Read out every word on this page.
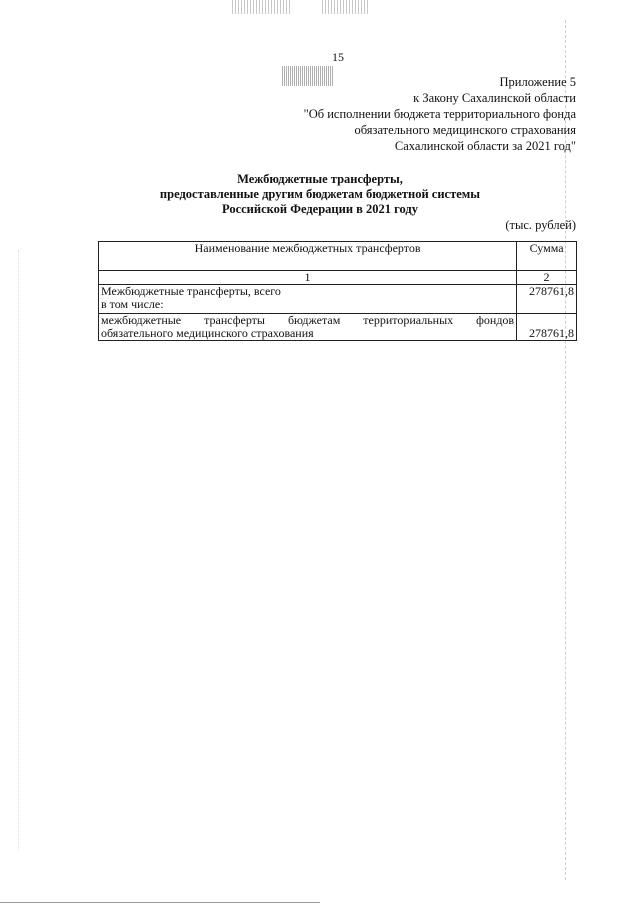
15
Приложение 5
к Закону Сахалинской области
"Об исполнении бюджета территориального фонда
обязательного медицинского страхования
Сахалинской области за 2021 год"
Межбюджетные трансферты,
предоставленные другим бюджетам бюджетной системы
Российской Федерации в 2021 году
(тыс. рублей)
Наименование межбюджетных трансфертов	Сумма
1	2

Межбюджетные трансферты, всего
в том числе:	278761,8

межбюджетные трансферты бюджетам территориальных фондов
обязательного медицинского страхования	278761,8
